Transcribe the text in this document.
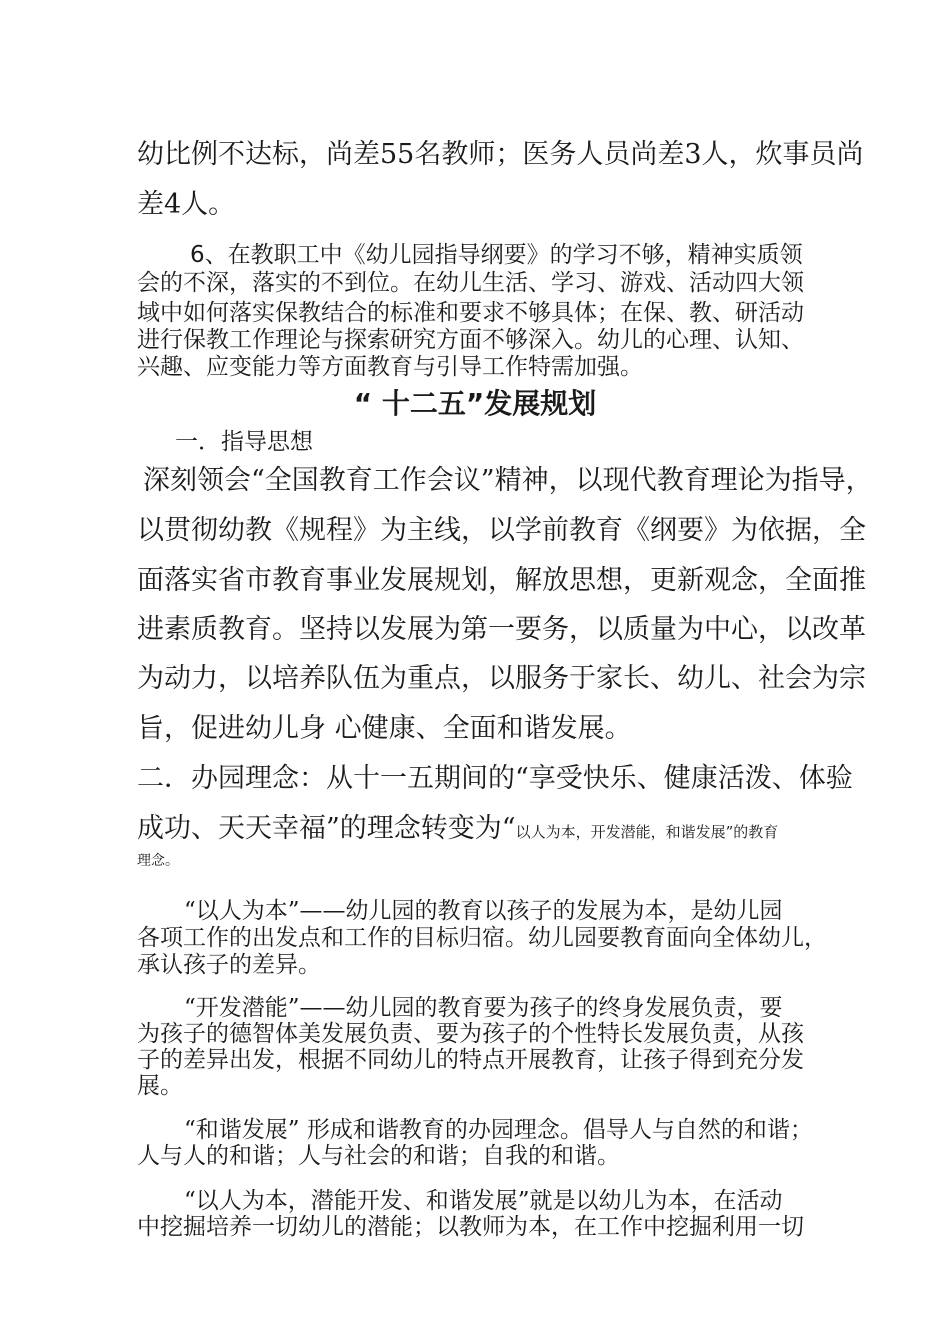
幼比例不达标，尚差55名教师；医务人员尚差3人，炊事员尚
差4人。
6、在教职工中《幼儿园指导纲要》的学习不够，精神实质领
会的不深，落实的不到位。在幼儿生活、学习、游戏、活动四大领
域中如何落实保教结合的标准和要求不够具体；在保、教、研活动
进行保教工作理论与探索研究方面不够深入。幼儿的心理、认知、
兴趣、应变能力等方面教育与引导工作特需加强。
“ 十二五”发展规划
一．指导思想
深刻领会“全国教育工作会议”精神，以现代教育理论为指导，
以贯彻幼教《规程》为主线，以学前教育《纲要》为依据，全
面落实省市教育事业发展规划，解放思想，更新观念，全面推
进素质教育。坚持以发展为第一要务，以质量为中心，以改革
为动力，以培养队伍为重点，以服务于家长、幼儿、社会为宗
旨，促进幼儿身 心健康、全面和谐发展。
二．办园理念：从十一五期间的“享受快乐、健康活泼、体验
成功、天天幸福”的理念转变为“以人为本，开发潜能，和谐发展”的教育
理念。
“以人为本”——幼儿园的教育以孩子的发展为本，是幼儿园
各项工作的出发点和工作的目标归宿。幼儿园要教育面向全体幼儿，
承认孩子的差异。
“开发潜能”——幼儿园的教育要为孩子的终身发展负责，要
为孩子的德智体美发展负责、要为孩子的个性特长发展负责，从孩
子的差异出发，根据不同幼儿的特点开展教育，让孩子得到充分发
展。
“和谐发展” 形成和谐教育的办园理念。倡导人与自然的和谐；
人与人的和谐；人与社会的和谐；自我的和谐。
“以人为本，潜能开发、和谐发展”就是以幼儿为本，在活动
中挖掘培养一切幼儿的潜能；以教师为本，在工作中挖掘利用一切
